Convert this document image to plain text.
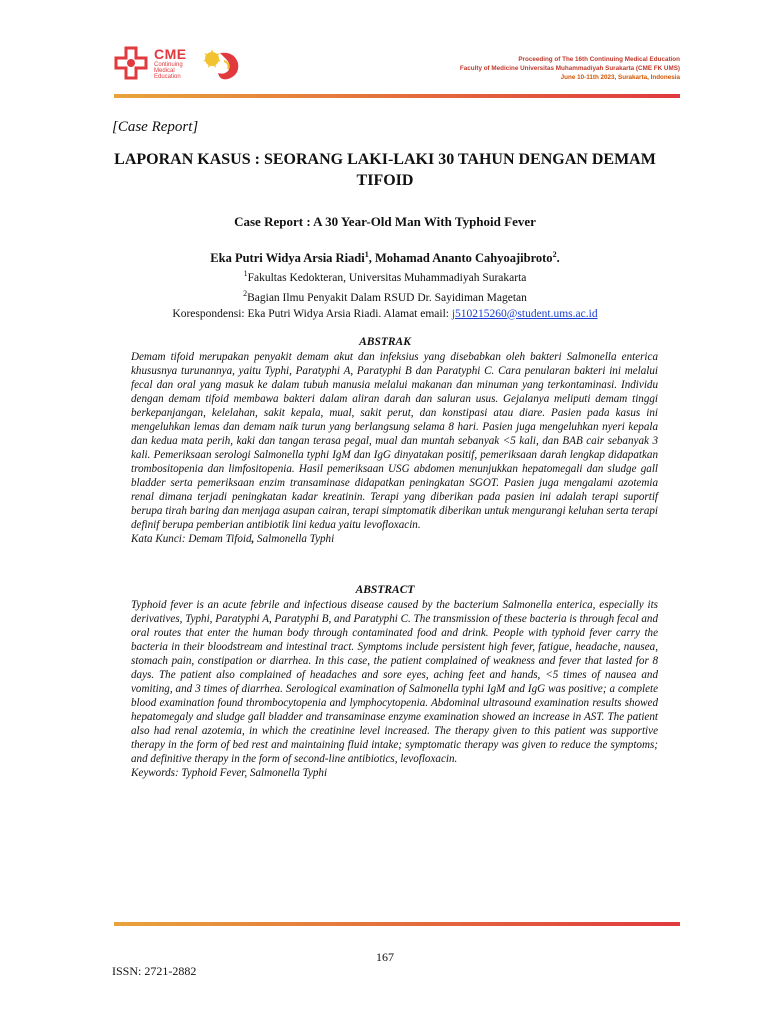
CME
Continuing
Medical
Education
Proceeding of The 16th Continuing Medical Education
Faculty of Medicine Universitas Muhammadiyah Surakarta (CME FK UMS)
June 10-11th 2023, Surakarta, Indonesia
[Case Report]
LAPORAN KASUS : SEORANG LAKI-LAKI 30 TAHUN DENGAN DEMAM TIFOID
Case Report : A 30 Year-Old Man With Typhoid Fever
Eka Putri Widya Arsia Riadi$^1$, Mohamad Ananto Cahyoajibroto$^2$.
$^1$Fakultas Kedokteran, Universitas Muhammadiyah Surakarta
$^2$Bagian Ilmu Penyakit Dalam RSUD Dr. Sayidiman Magetan
Korespondensi: Eka Putri Widya Arsia Riadi. Alamat email: j510215260@student.ums.ac.id
ABSTRAK
Demam tifoid merupakan penyakit demam akut dan infeksius yang disebabkan oleh bakteri Salmonella enterica khususnya turunannya, yaitu Typhi, Paratyphi A, Paratyphi B dan Paratyphi C. Cara penularan bakteri ini melalui fecal dan oral yang masuk ke dalam tubuh manusia melalui makanan dan minuman yang terkontaminasi. Individu dengan demam tifoid membawa bakteri dalam aliran darah dan saluran usus. Gejalanya meliputi demam tinggi berkepanjangan, kelelahan, sakit kepala, mual, sakit perut, dan konstipasi atau diare. Pasien pada kasus ini mengeluhkan lemas dan demam naik turun yang berlangsung selama 8 hari. Pasien juga mengeluhkan nyeri kepala dan kedua mata perih, kaki dan tangan terasa pegal, mual dan muntah sebanyak <5 kali, dan BAB cair sebanyak 3 kali. Pemeriksaan serologi Salmonella typhi IgM dan IgG dinyatakan positif, pemeriksaan darah lengkap didapatkan trombositopenia dan limfositopenia. Hasil pemeriksaan USG abdomen menunjukkan hepatomegali dan sludge gall bladder serta pemeriksaan enzim transaminase didapatkan peningkatan SGOT. Pasien juga mengalami azotemia renal dimana terjadi peningkatan kadar kreatinin. Terapi yang diberikan pada pasien ini adalah terapi suportif berupa tirah baring dan menjaga asupan cairan, terapi simptomatik diberikan untuk mengurangi keluhan serta terapi definif berupa pemberian antibiotik lini kedua yaitu levofloxacin.
Kata Kunci: Demam Tifoid, Salmonella Typhi
ABSTRACT
Typhoid fever is an acute febrile and infectious disease caused by the bacterium Salmonella enterica, especially its derivatives, Typhi, Paratyphi A, Paratyphi B, and Paratyphi C. The transmission of these bacteria is through fecal and oral routes that enter the human body through contaminated food and drink. People with typhoid fever carry the bacteria in their bloodstream and intestinal tract. Symptoms include persistent high fever, fatigue, headache, nausea, stomach pain, constipation or diarrhea. In this case, the patient complained of weakness and fever that lasted for 8 days. The patient also complained of headaches and sore eyes, aching feet and hands, <5 times of nausea and vomiting, and 3 times of diarrhea. Serological examination of Salmonella typhi IgM and IgG was positive; a complete blood examination found thrombocytopenia and lymphocytopenia. Abdominal ultrasound examination results showed hepatomegaly and sludge gall bladder and transaminase enzyme examination showed an increase in AST. The patient also had renal azotemia, in which the creatinine level increased. The therapy given to this patient was supportive therapy in the form of bed rest and maintaining fluid intake; symptomatic therapy was given to reduce the symptoms; and definitive therapy in the form of second-line antibiotics, levofloxacin.
Keywords: Typhoid Fever, Salmonella Typhi
167
ISSN: 2721-2882
